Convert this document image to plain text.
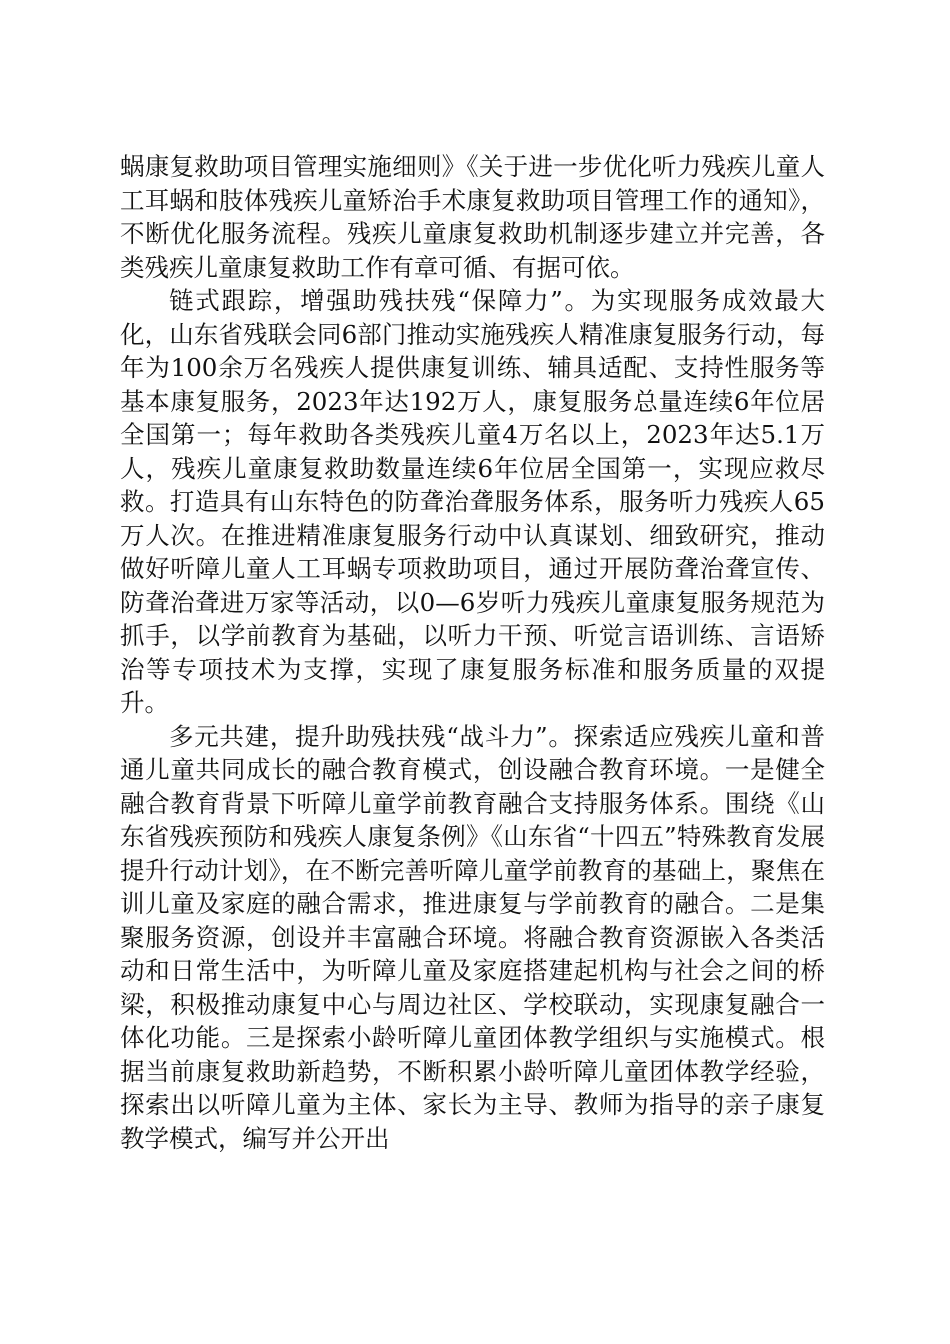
蜗康复救助项目管理实施细则》《关于进一步优化听力残疾儿童人工耳蜗和肢体残疾儿童矫治手术康复救助项目管理工作的通知》，不断优化服务流程。残疾儿童康复救助机制逐步建立并完善，各类残疾儿童康复救助工作有章可循、有据可依。

链式跟踪，增强助残扶残“保障力”。为实现服务成效最大化，山东省残联会同6部门推动实施残疾人精准康复服务行动，每年为100余万名残疾人提供康复训练、辅具适配、支持性服务等基本康复服务，2023年达192万人，康复服务总量连续6年位居全国第一；每年救助各类残疾儿童4万名以上，2023年达5.1万人，残疾儿童康复救助数量连续6年位居全国第一，实现应救尽救。打造具有山东特色的防聋治聋服务体系，服务听力残疾人65万人次。在推进精准康复服务行动中认真谋划、细致研究，推动做好听障儿童人工耳蜗专项救助项目，通过开展防聋治聋宣传、防聋治聋进万家等活动，以0—6岁听力残疾儿童康复服务规范为抓手，以学前教育为基础，以听力干预、听觉言语训练、言语矫治等专项技术为支撑，实现了康复服务标准和服务质量的双提升。

多元共建，提升助残扶残“战斗力”。探索适应残疾儿童和普通儿童共同成长的融合教育模式，创设融合教育环境。一是健全融合教育背景下听障儿童学前教育融合支持服务体系。围绕《山东省残疾预防和残疾人康复条例》《山东省“十四五”特殊教育发展提升行动计划》，在不断完善听障儿童学前教育的基础上，聚焦在训儿童及家庭的融合需求，推进康复与学前教育的融合。二是集聚服务资源，创设并丰富融合环境。将融合教育资源嵌入各类活动和日常生活中，为听障儿童及家庭搭建起机构与社会之间的桥梁，积极推动康复中心与周边社区、学校联动，实现康复融合一体化功能。三是探索小龄听障儿童团体教学组织与实施模式。根据当前康复救助新趋势，不断积累小龄听障儿童团体教学经验，探索出以听障儿童为主体、家长为主导、教师为指导的亲子康复教学模式，编写并公开出
